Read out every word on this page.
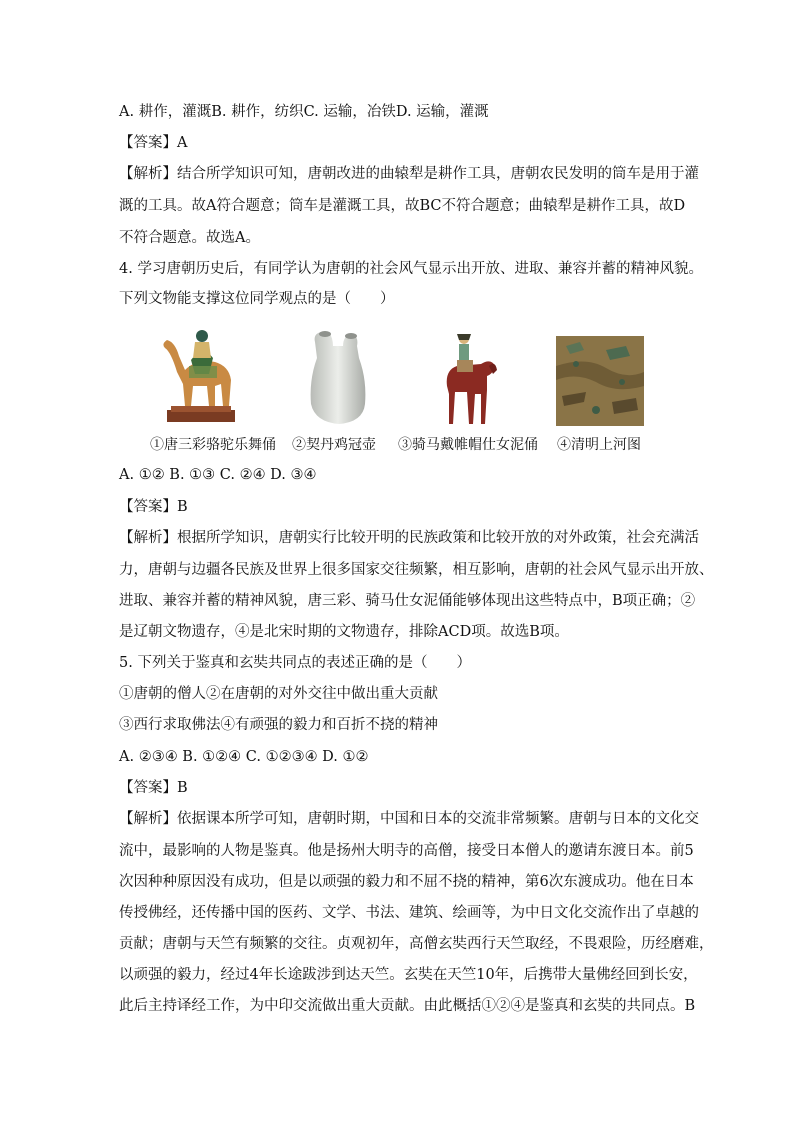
A. 耕作，灌溉B. 耕作，纺织C. 运输，冶铁D. 运输，灌溉
【答案】A
【解析】结合所学知识可知，唐朝改进的曲辕犁是耕作工具，唐朝农民发明的筒车是用于灌
溉的工具。故A符合题意；筒车是灌溉工具，故BC不符合题意；曲辕犁是耕作工具，故D
不符合题意。故选A。
4. 学习唐朝历史后，有同学认为唐朝的社会风气显示出开放、进取、兼容并蓄的精神风貌。
下列文物能支撑这位同学观点的是（　　）
①唐三彩骆驼乐舞俑 ②契丹鸡冠壶 ③骑马戴帷帽仕女泥俑 ④清明上河图
A. ①② B. ①③ C. ②④ D. ③④
【答案】B
【解析】根据所学知识，唐朝实行比较开明的民族政策和比较开放的对外政策，社会充满活
力，唐朝与边疆各民族及世界上很多国家交往频繁，相互影响，唐朝的社会风气显示出开放、
进取、兼容并蓄的精神风貌，唐三彩、骑马仕女泥俑能够体现出这些特点中，B项正确；②
是辽朝文物遗存，④是北宋时期的文物遗存，排除ACD项。故选B项。
5. 下列关于鉴真和玄奘共同点的表述正确的是（　　）
①唐朝的僧人②在唐朝的对外交往中做出重大贡献
③西行求取佛法④有顽强的毅力和百折不挠的精神
A. ②③④ B. ①②④ C. ①②③④ D. ①②
【答案】B
【解析】依据课本所学可知，唐朝时期，中国和日本的交流非常频繁。唐朝与日本的文化交
流中，最影响的人物是鉴真。他是扬州大明寺的高僧，接受日本僧人的邀请东渡日本。前5
次因种种原因没有成功，但是以顽强的毅力和不屈不挠的精神，第6次东渡成功。他在日本
传授佛经，还传播中国的医药、文学、书法、建筑、绘画等，为中日文化交流作出了卓越的
贡献；唐朝与天竺有频繁的交往。贞观初年，高僧玄奘西行天竺取经，不畏艰险，历经磨难，
以顽强的毅力，经过4年长途跋涉到达天竺。玄奘在天竺10年，后携带大量佛经回到长安，
此后主持译经工作，为中印交流做出重大贡献。由此概括①②④是鉴真和玄奘的共同点。B
